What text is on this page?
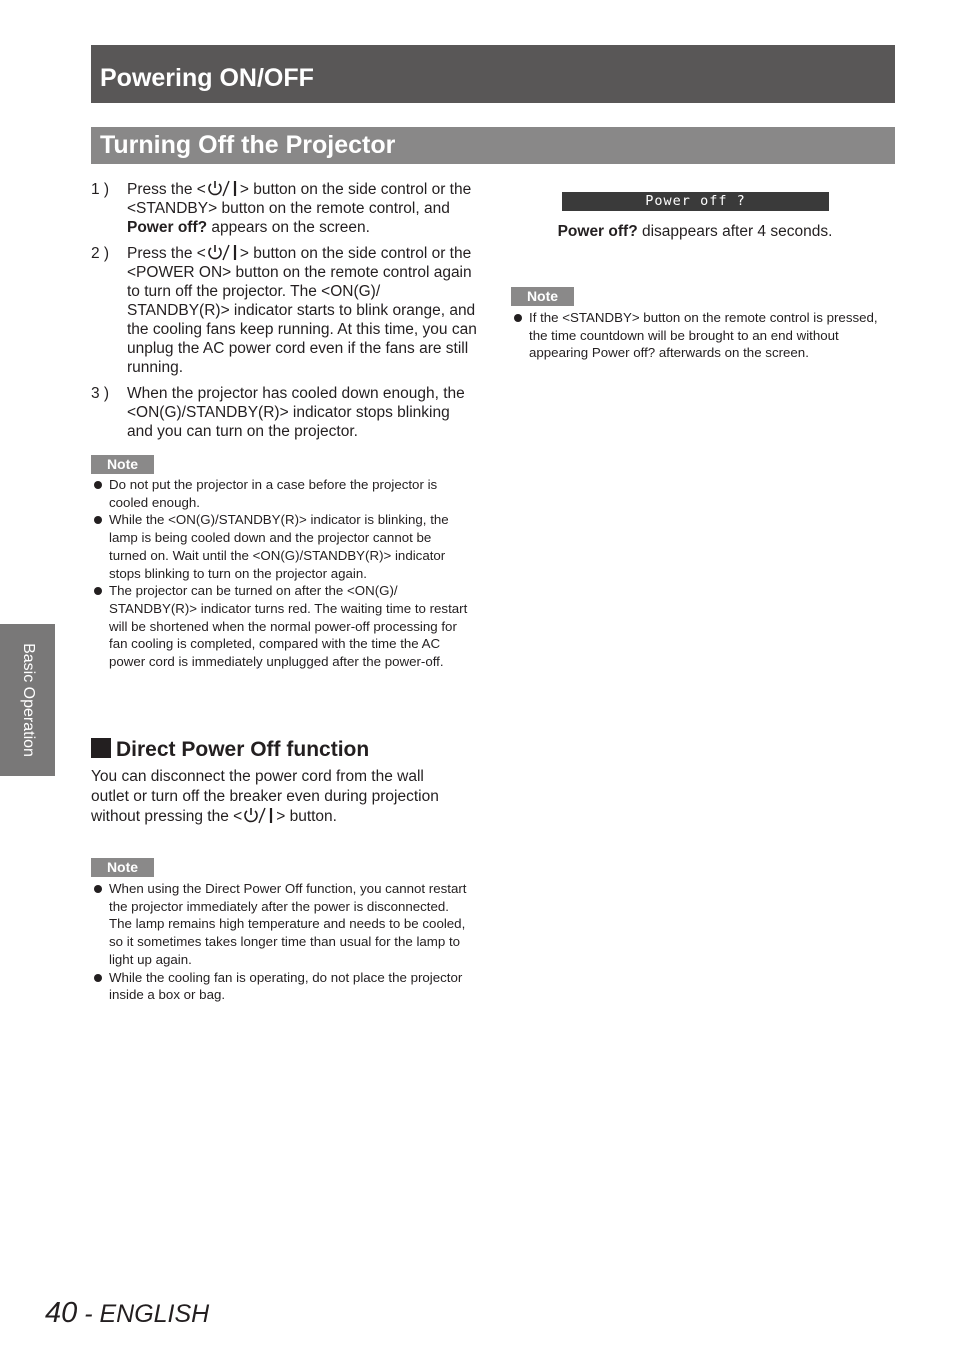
Powering ON/OFF
Turning Off the Projector
Basic Operation
1 ) Press the < > button on the side control or the <STANDBY> button on the remote control, and Power off? appears on the screen.
2 ) Press the < > button on the side control or the <POWER ON> button on the remote control again to turn off the projector. The <ON(G)/ STANDBY(R)> indicator starts to blink orange, and the cooling fans keep running. At this time, you can unplug the AC power cord even if the fans are still running.
3 ) When the projector has cooled down enough, the <ON(G)/STANDBY(R)> indicator stops blinking and you can turn on the projector.
Note
Do not put the projector in a case before the projector is cooled enough.
While the <ON(G)/STANDBY(R)> indicator is blinking, the lamp is being cooled down and the projector cannot be turned on. Wait until the <ON(G)/STANDBY(R)> indicator stops blinking to turn on the projector again.
The projector can be turned on after the <ON(G)/ STANDBY(R)> indicator turns red. The waiting time to restart will be shortened when the normal power-off processing for fan cooling is completed, compared with the time the AC power cord is immediately unplugged after the power-off.
Direct Power Off function
You can disconnect the power cord from the wall outlet or turn off the breaker even during projection without pressing the < > button.
Note
When using the Direct Power Off function, you cannot restart the projector immediately after the power is disconnected. The lamp remains high temperature and needs to be cooled, so it sometimes takes longer time than usual for the lamp to light up again.
While the cooling fan is operating, do not place the projector inside a box or bag.
Power off ?
Power off? disappears after 4 seconds.
Note
If the <STANDBY> button on the remote control is pressed, the time countdown will be brought to an end without appearing Power off? afterwards on the screen.
40 - ENGLISH
